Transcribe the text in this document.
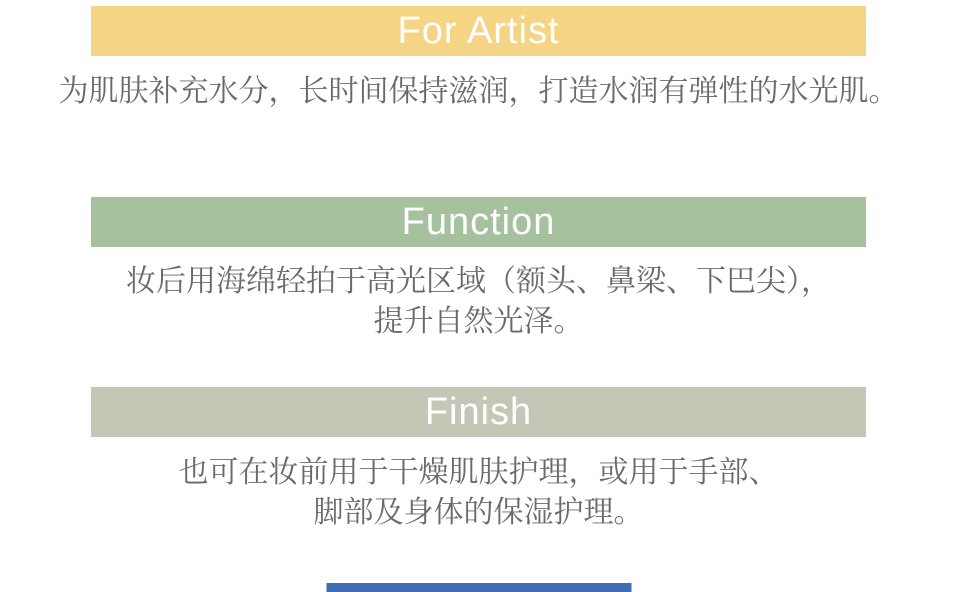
For Artist

为肌肤补充水分，长时间保持滋润，打造水润有弹性的水光肌。

Function

妆后用海绵轻拍于高光区域（额头、鼻梁、下巴尖），
提升自然光泽。

Finish

也可在妆前用于干燥肌肤护理，或用于手部、
脚部及身体的保湿护理。
